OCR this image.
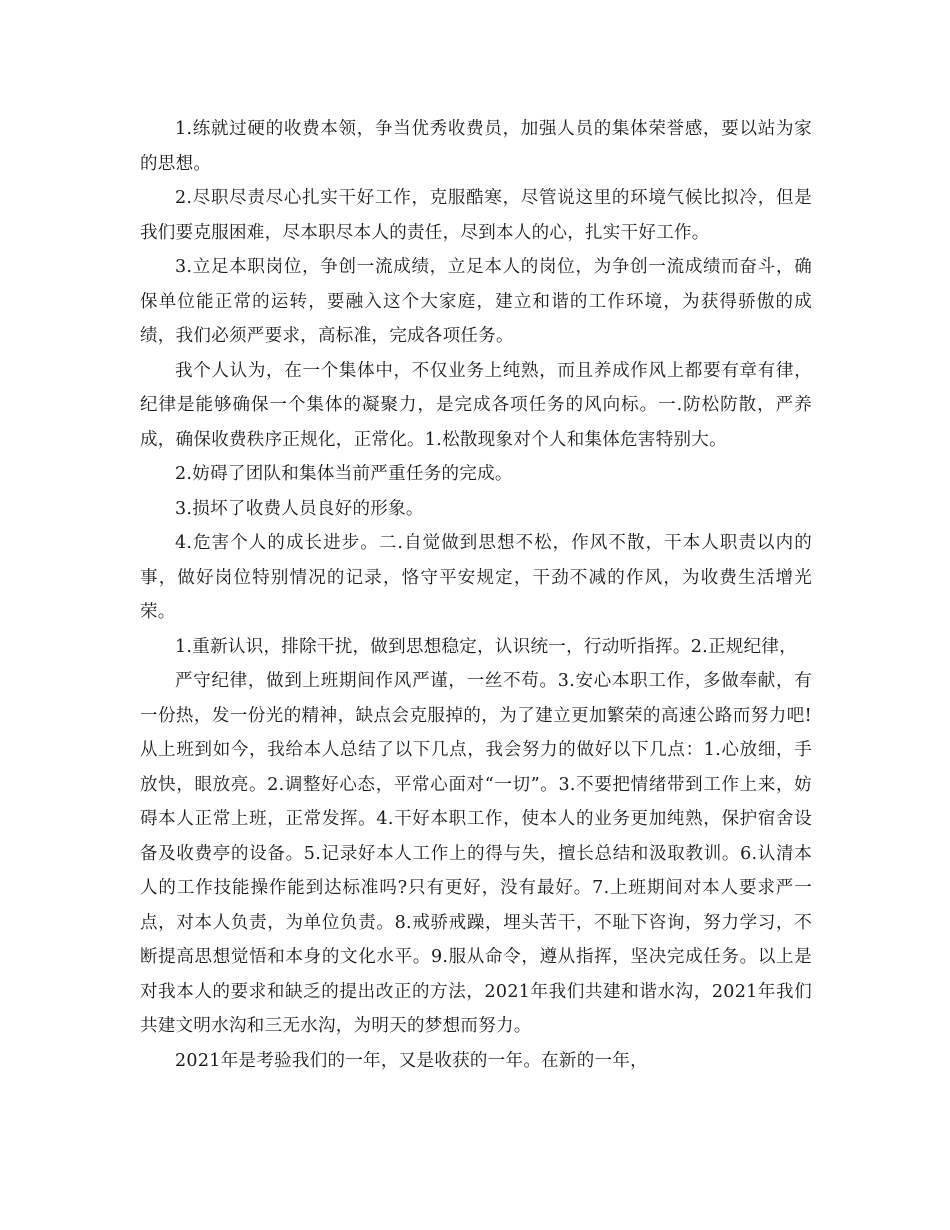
1.练就过硬的收费本领，争当优秀收费员，加强人员的集体荣誉感，要以站为家的思想。

2.尽职尽责尽心扎实干好工作，克服酷寒，尽管说这里的环境气候比拟冷，但是我们要克服困难，尽本职尽本人的责任，尽到本人的心，扎实干好工作。

3.立足本职岗位，争创一流成绩，立足本人的岗位，为争创一流成绩而奋斗，确保单位能正常的运转，要融入这个大家庭，建立和谐的工作环境，为获得骄傲的成绩，我们必须严要求，高标准，完成各项任务。

我个人认为，在一个集体中，不仅业务上纯熟，而且养成作风上都要有章有律，纪律是能够确保一个集体的凝聚力，是完成各项任务的风向标。一.防松防散，严养成，确保收费秩序正规化，正常化。1.松散现象对个人和集体危害特别大。

2.妨碍了团队和集体当前严重任务的完成。

3.损坏了收费人员良好的形象。

4.危害个人的成长进步。二.自觉做到思想不松，作风不散，干本人职责以内的事，做好岗位特别情况的记录，恪守平安规定，干劲不减的作风，为收费生活增光荣。

1.重新认识，排除干扰，做到思想稳定，认识统一，行动听指挥。2.正规纪律，

严守纪律，做到上班期间作风严谨，一丝不苟。3.安心本职工作，多做奉献，有一份热，发一份光的精神，缺点会克服掉的，为了建立更加繁荣的高速公路而努力吧!从上班到如今，我给本人总结了以下几点，我会努力的做好以下几点：1.心放细，手放快，眼放亮。2.调整好心态，平常心面对“一切”。3.不要把情绪带到工作上来，妨碍本人正常上班，正常发挥。4.干好本职工作，使本人的业务更加纯熟，保护宿舍设备及收费亭的设备。5.记录好本人工作上的得与失，擅长总结和汲取教训。6.认清本人的工作技能操作能到达标准吗?只有更好，没有最好。7.上班期间对本人要求严一点，对本人负责，为单位负责。8.戒骄戒躁，埋头苦干，不耻下咨询，努力学习，不断提高思想觉悟和本身的文化水平。9.服从命令，遵从指挥，坚决完成任务。以上是对我本人的要求和缺乏的提出改正的方法，2021年我们共建和谐水沟，2021年我们共建文明水沟和三无水沟，为明天的梦想而努力。

2021年是考验我们的一年，又是收获的一年。在新的一年，
